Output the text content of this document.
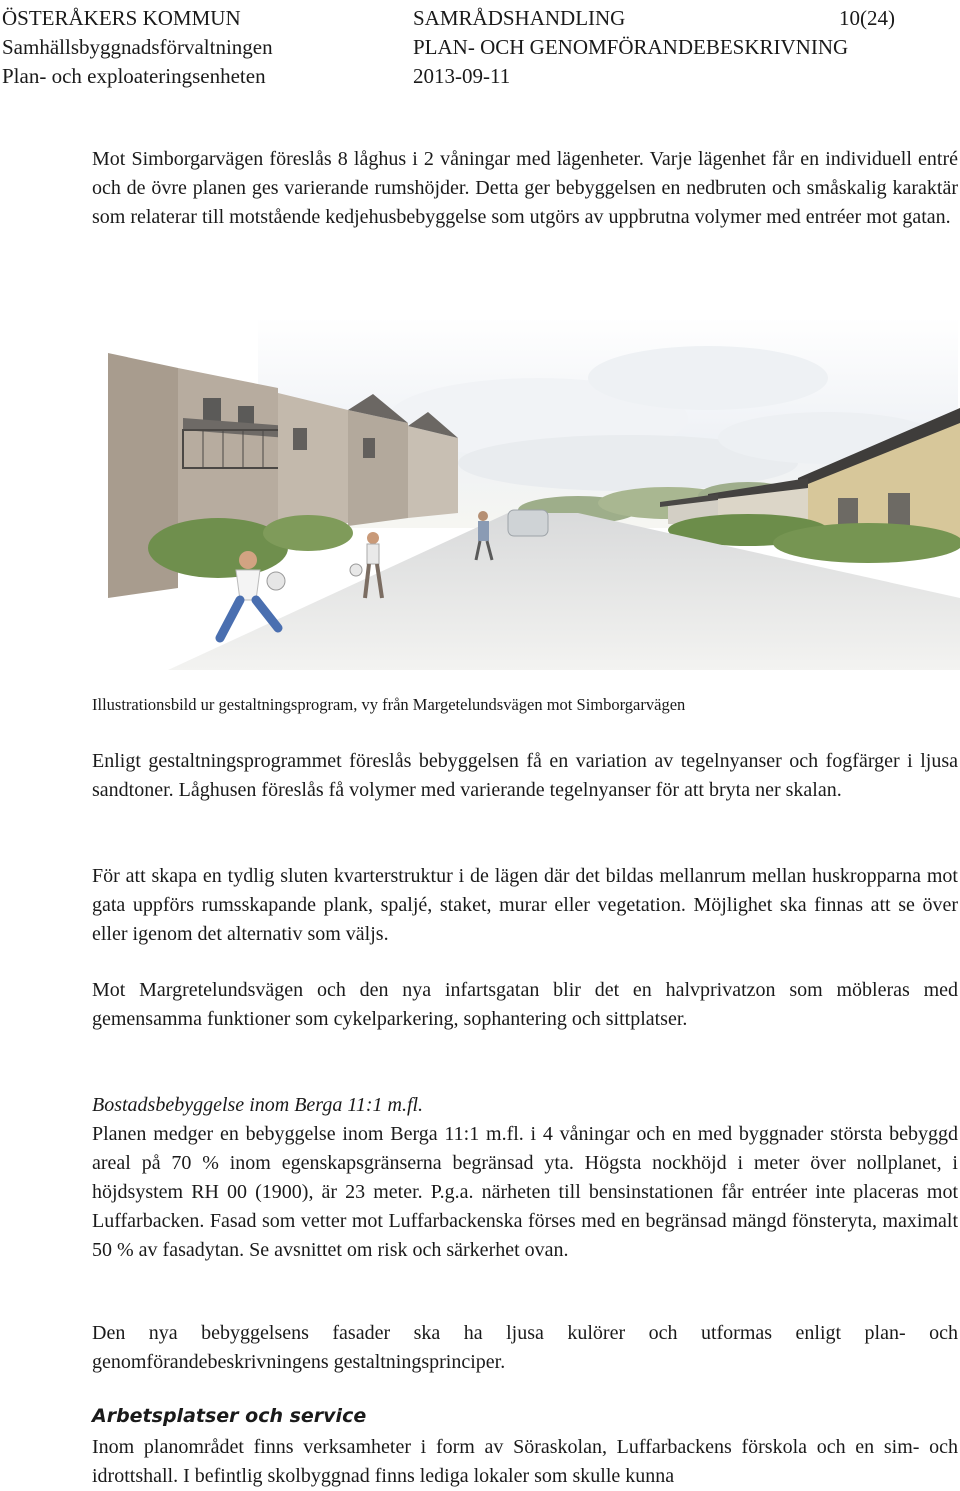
ÖSTERÅKERS KOMMUN
Samhällsbyggnadsförvaltningen
Plan- och exploateringsenheten
SAMRÅDSHANDLING
PLAN- OCH GENOMFÖRANDEBESKRIVNING
2013-09-11
10(24)

Mot Simborgarvägen föreslås 8 låghus i 2 våningar med lägenheter. Varje lägenhet får en individuell entré och de övre planen ges varierande rumshöjder. Detta ger bebyggelsen en nedbruten och småskalig karaktär som relaterar till motstående kedjehusbebyggelse som utgörs av uppbrutna volymer med entréer mot gatan.

Illustrationsbild ur gestaltningsprogram, vy från Margetelundsvägen mot Simborgarvägen

Enligt gestaltningsprogrammet föreslås bebyggelsen få en variation av tegelnyanser och fogfärger i ljusa sandtoner. Låghusen föreslås få volymer med varierande tegelnyanser för att bryta ner skalan.

För att skapa en tydlig sluten kvarterstruktur i de lägen där det bildas mellanrum mellan huskropparna mot gata uppförs rumsskapande plank, spaljé, staket, murar eller vegetation. Möjlighet ska finnas att se över eller igenom det alternativ som väljs.

Mot Margretelundsvägen och den nya infartsgatan blir det en halvprivatzon som möbleras med gemensamma funktioner som cykelparkering, sophantering och sittplatser.

Bostadsbebyggelse inom Berga 11:1 m.fl.

Planen medger en bebyggelse inom Berga 11:1 m.fl. i 4 våningar och en med byggnader största bebyggd areal på 70 % inom egenskapsgränserna begränsad yta. Högsta nockhöjd i meter över nollplanet, i höjdsystem RH 00 (1900), är 23 meter. P.g.a. närheten till bensinstationen får entréer inte placeras mot Luffarbacken. Fasad som vetter mot Luffarbackenska förses med en begränsad mängd fönsteryta, maximalt 50 % av fasadytan. Se avsnittet om risk och särkerhet ovan.

Den nya bebyggelsens fasader ska ha ljusa kulörer och utformas enligt plan- och genomförandebeskrivningens gestaltningsprinciper.

Arbetsplatser och service

Inom planområdet finns verksamheter i form av Söraskolan, Luffarbackens förskola och en sim- och idrottshall. I befintlig skolbyggnad finns lediga lokaler som skulle kunna
